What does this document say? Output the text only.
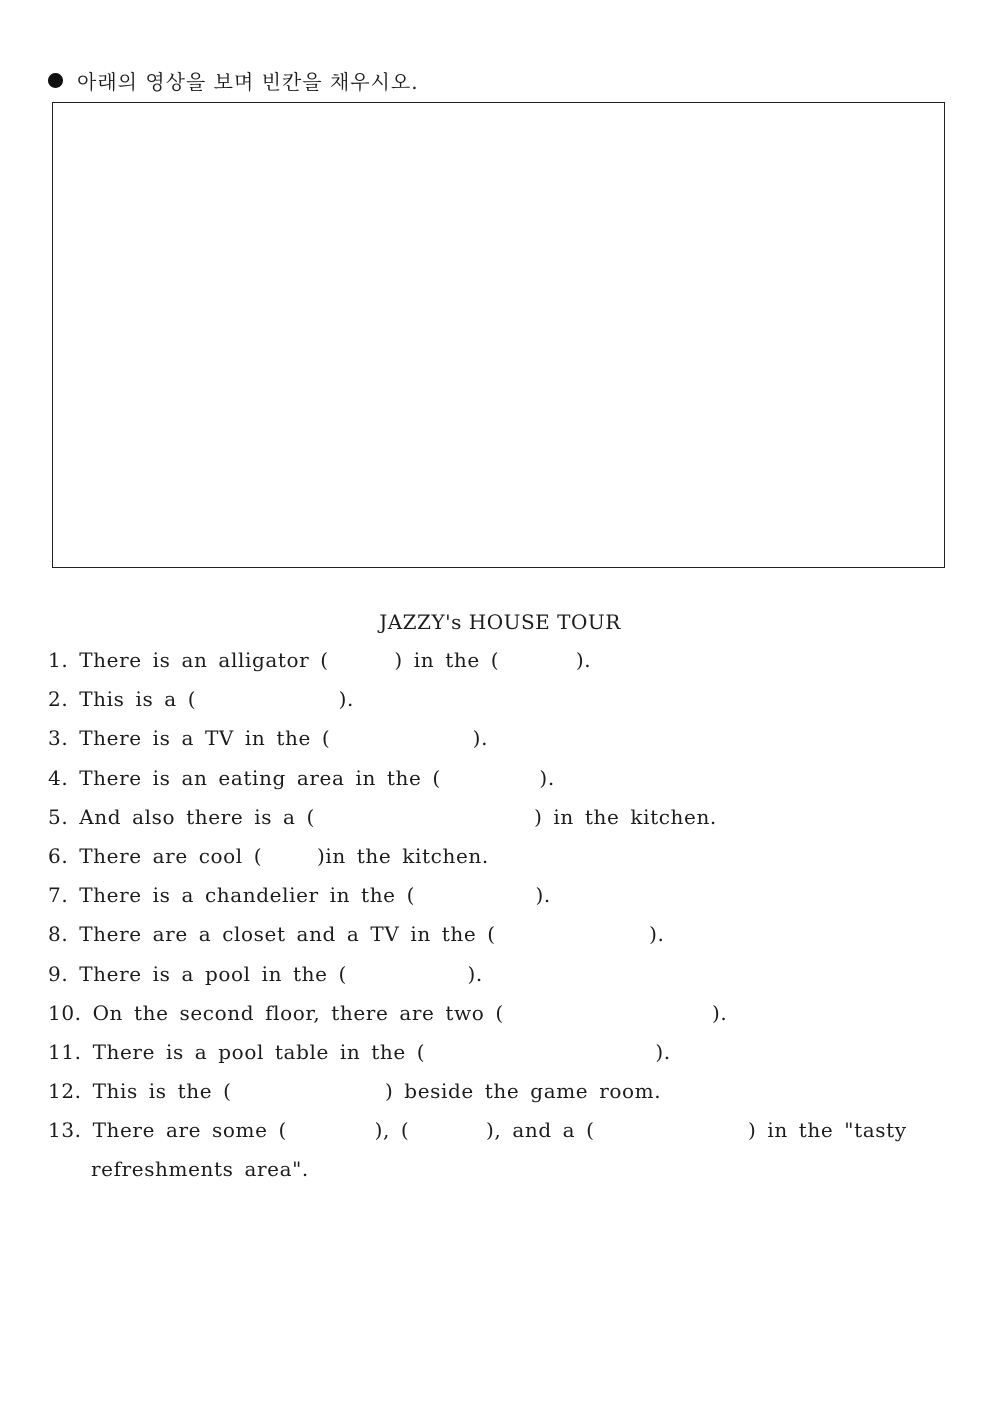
아래의 영상을 보며 빈칸을 채우시오.
JAZZY's HOUSE TOUR
1. There is an alligator (      ) in the (       ).
2. This is a (             ).
3. There is a TV in the (             ).
4. There is an eating area in the (         ).
5. And also there is a (                    ) in the kitchen.
6. There are cool (     )in the kitchen.
7. There is a chandelier in the (           ).
8. There are a closet and a TV in the (              ).
9. There is a pool in the (           ).
10. On the second floor, there are two (                   ).
11. There is a pool table in the (                     ).
12. This is the (              ) beside the game room.
13. There are some (        ), (       ), and a (              ) in the "tasty
refreshments area".
